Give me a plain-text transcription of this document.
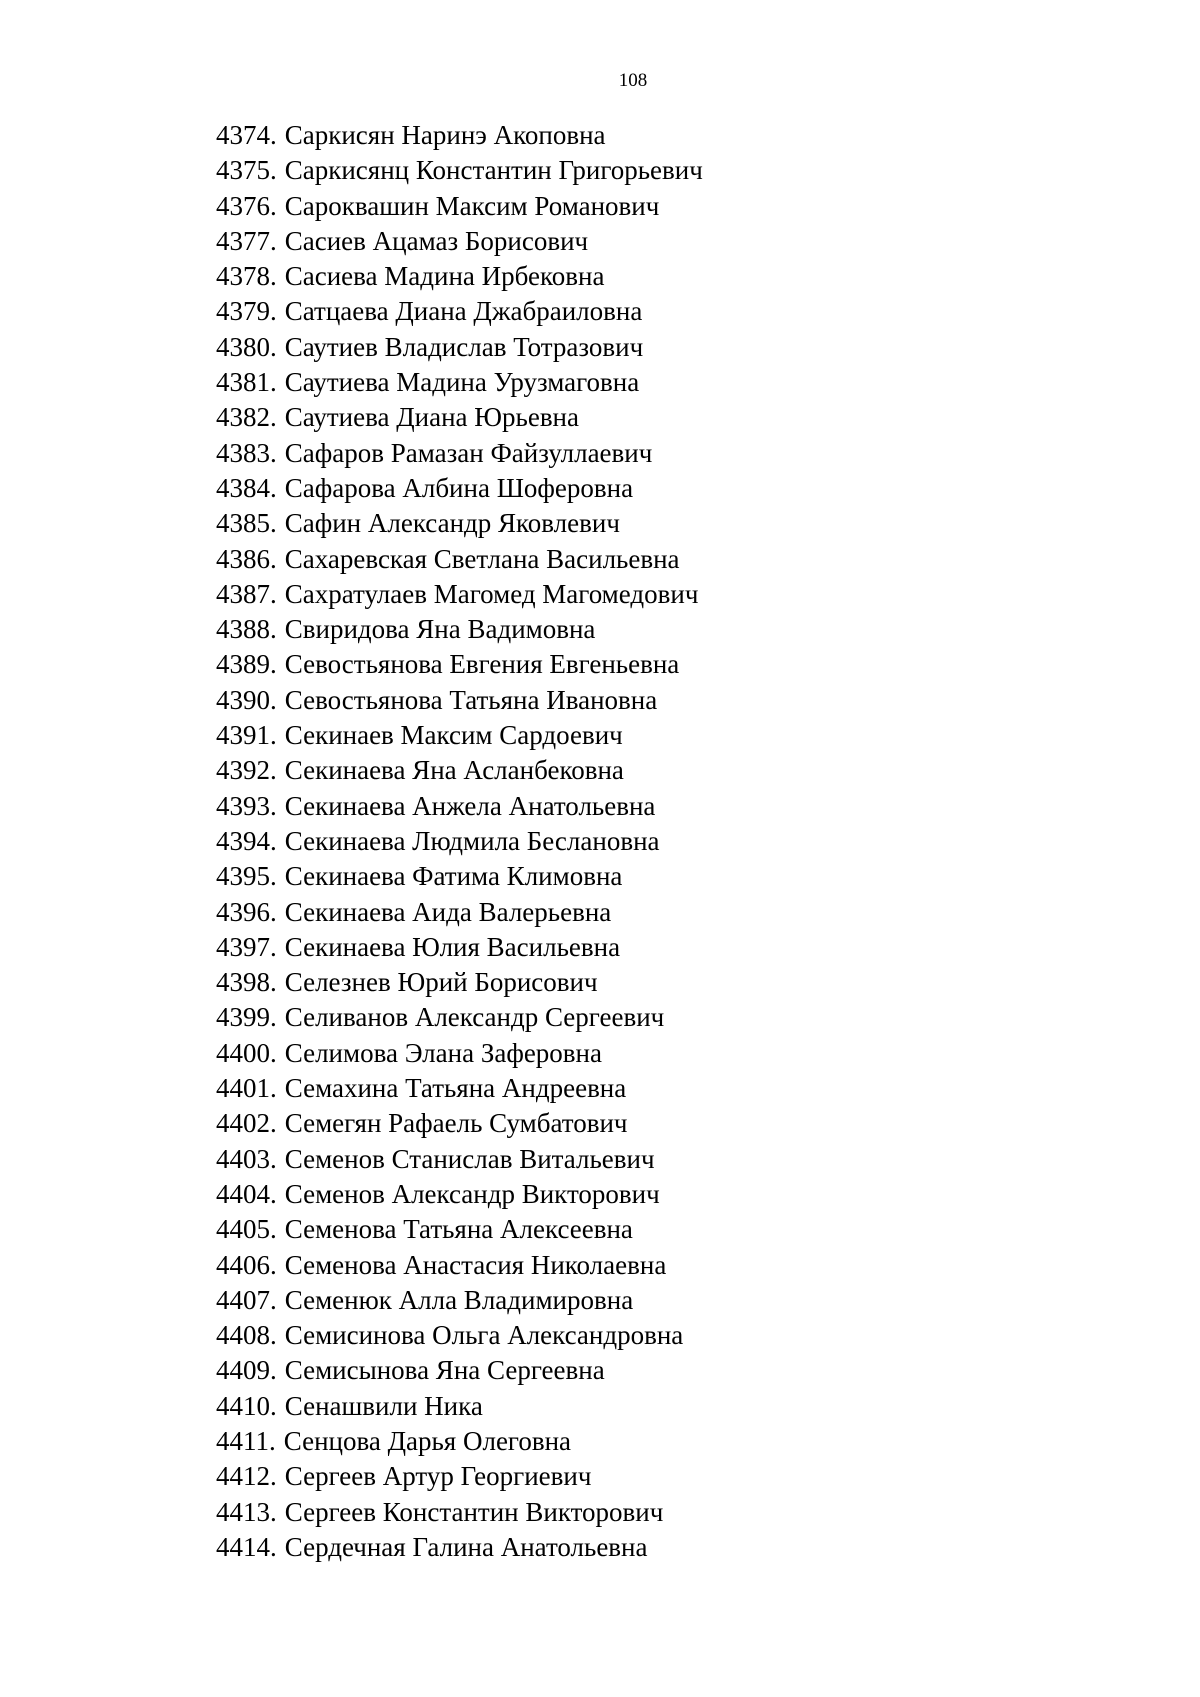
108
4374. Саркисян Наринэ Акоповна
4375. Саркисянц Константин Григорьевич
4376. Сароквашин Максим Романович
4377. Сасиев Ацамаз Борисович
4378. Сасиева Мадина Ирбековна
4379. Сатцаева Диана Джабраиловна
4380. Саутиев Владислав Тотразович
4381. Саутиева Мадина Урузмаговна
4382. Саутиева Диана Юрьевна
4383. Сафаров Рамазан Файзуллаевич
4384. Сафарова Албина Шоферовна
4385. Сафин Александр Яковлевич
4386. Сахаревская Светлана Васильевна
4387. Сахратулаев Магомед Магомедович
4388. Свиридова Яна Вадимовна
4389. Севостьянова Евгения Евгеньевна
4390. Севостьянова Татьяна Ивановна
4391. Секинаев Максим Сардоевич
4392. Секинаева Яна Асланбековна
4393. Секинаева Анжела Анатольевна
4394. Секинаева Людмила Беслановна
4395. Секинаева Фатима Климовна
4396. Секинаева Аида Валерьевна
4397. Секинаева Юлия Васильевна
4398. Селезнев Юрий Борисович
4399. Селиванов Александр Сергеевич
4400. Селимова Элана Заферовна
4401. Семахина Татьяна Андреевна
4402. Семегян Рафаель Сумбатович
4403. Семенов Станислав Витальевич
4404. Семенов Александр Викторович
4405. Семенова Татьяна Алексеевна
4406. Семенова Анастасия Николаевна
4407. Семенюк Алла Владимировна
4408. Семисинова Ольга Александровна
4409. Семисынова Яна Сергеевна
4410. Сенашвили Ника
4411. Сенцова Дарья Олеговна
4412. Сергеев Артур Георгиевич
4413. Сергеев Константин Викторович
4414. Сердечная Галина Анатольевна
